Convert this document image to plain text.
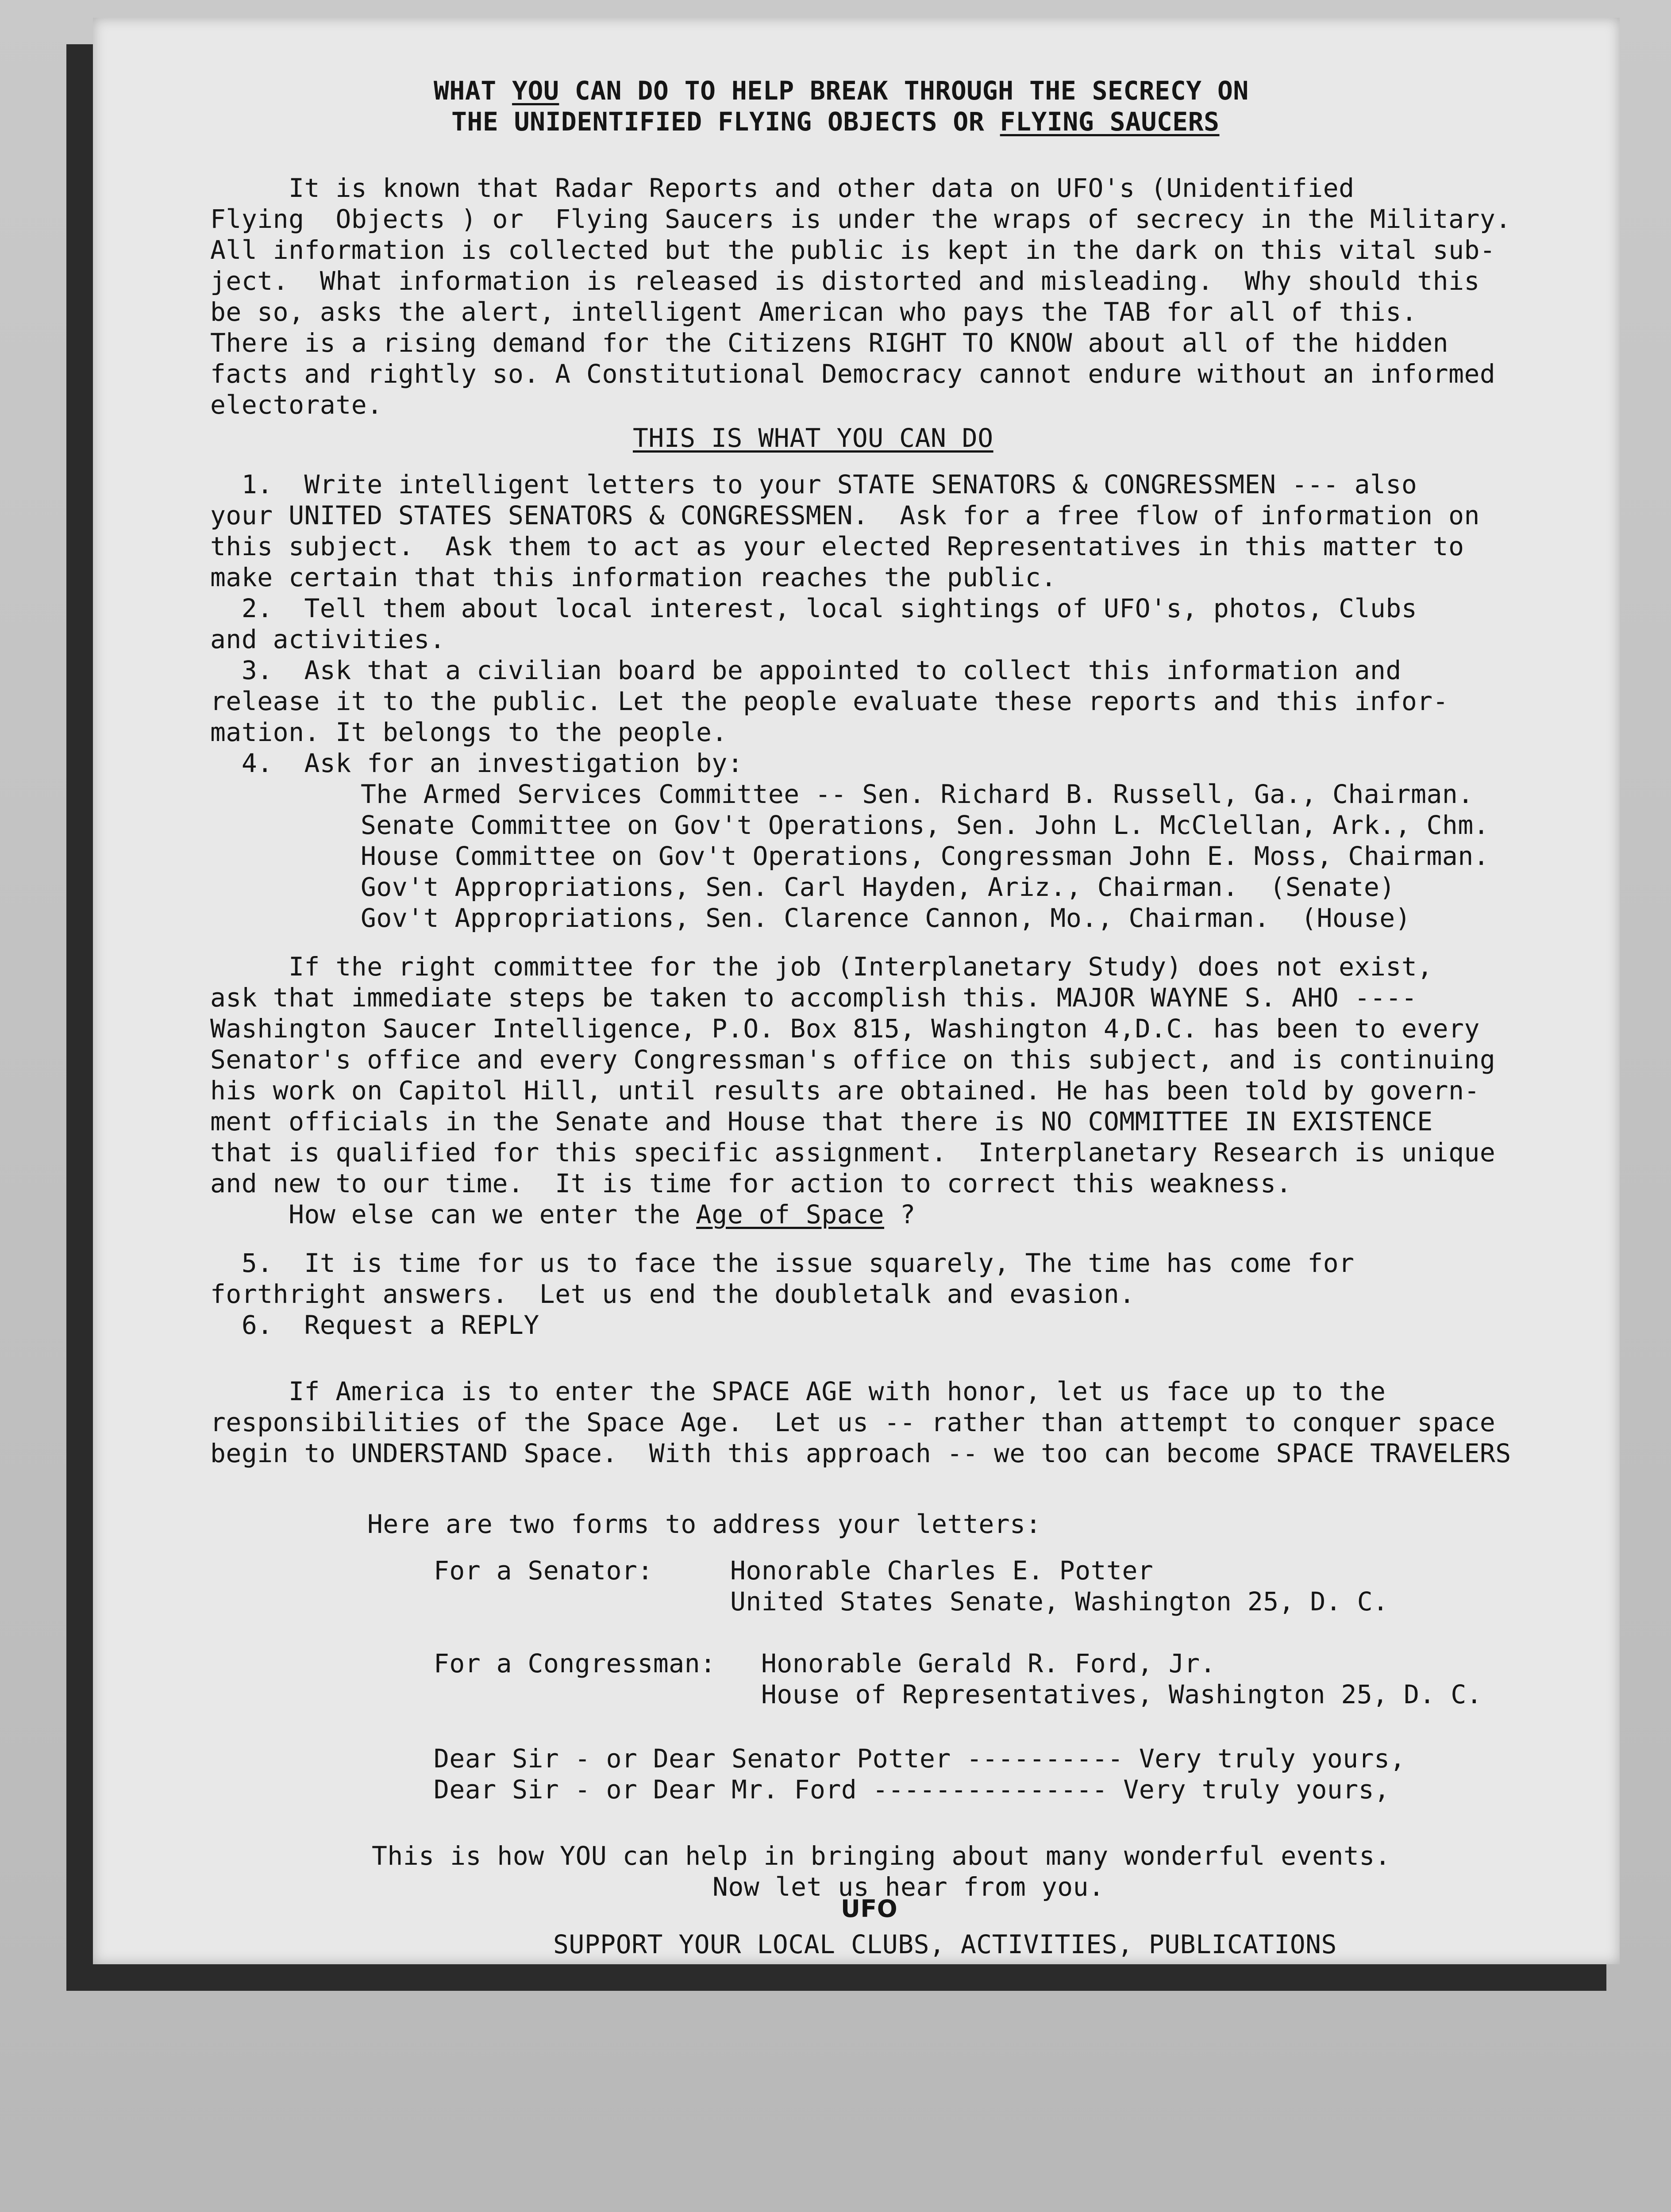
WHAT YOU CAN DO TO HELP BREAK THROUGH THE SECRECY ON

THE UNIDENTIFIED FLYING OBJECTS OR FLYING SAUCERS

It is known that Radar Reports and other data on UFO's (Unidentified

Flying  Objects ) or  Flying Saucers is under the wraps of secrecy in the Military.

All information is collected but the public is kept in the dark on this vital sub-

ject.  What information is released is distorted and misleading.  Why should this

be so, asks the alert, intelligent American who pays the TAB for all of this.

There is a rising demand for the Citizens RIGHT TO KNOW about all of the hidden

facts and rightly so. A Constitutional Democracy cannot endure without an informed

electorate.

THIS IS WHAT YOU CAN DO

1.  Write intelligent letters to your STATE SENATORS & CONGRESSMEN --- also

your UNITED STATES SENATORS & CONGRESSMEN.  Ask for a free flow of information on

this subject.  Ask them to act as your elected Representatives in this matter to

make certain that this information reaches the public.

2.  Tell them about local interest, local sightings of UFO's, photos, Clubs

and activities.

3.  Ask that a civilian board be appointed to collect this information and

release it to the public. Let the people evaluate these reports and this infor-

mation. It belongs to the people.

4.  Ask for an investigation by:

The Armed Services Committee -- Sen. Richard B. Russell, Ga., Chairman.

Senate Committee on Gov't Operations, Sen. John L. McClellan, Ark., Chm.

House Committee on Gov't Operations, Congressman John E. Moss, Chairman.

Gov't Appropriations, Sen. Carl Hayden, Ariz., Chairman.  (Senate)

Gov't Appropriations, Sen. Clarence Cannon, Mo., Chairman.  (House)

If the right committee for the job (Interplanetary Study) does not exist,

ask that immediate steps be taken to accomplish this. MAJOR WAYNE S. AHO ----

Washington Saucer Intelligence, P.O. Box 815, Washington 4,D.C. has been to every

Senator's office and every Congressman's office on this subject, and is continuing

his work on Capitol Hill, until results are obtained. He has been told by govern-

ment officials in the Senate and House that there is NO COMMITTEE IN EXISTENCE

that is qualified for this specific assignment.  Interplanetary Research is unique

and new to our time.  It is time for action to correct this weakness.

How else can we enter the Age of Space ?

5.  It is time for us to face the issue squarely, The time has come for

forthright answers.  Let us end the doubletalk and evasion.

6.  Request a REPLY

If America is to enter the SPACE AGE with honor, let us face up to the

responsibilities of the Space Age.  Let us -- rather than attempt to conquer space

begin to UNDERSTAND Space.  With this approach -- we too can become SPACE TRAVELERS

Here are two forms to address your letters:

For a Senator:

	Honorable Charles E. Potter

United States Senate, Washington 25, D. C.

For a Congressman:

Honorable Gerald R. Ford, Jr.

House of Representatives, Washington 25, D. C.

Dear Sir - or Dear Senator Potter ---------- Very truly yours,

Dear Sir - or Dear Mr. Ford --------------- Very truly yours,

This is how YOU can help in bringing about many wonderful events.

Now let us hear from you.

UFO

SUPPORT YOUR LOCAL CLUBS, ACTIVITIES, PUBLICATIONS
